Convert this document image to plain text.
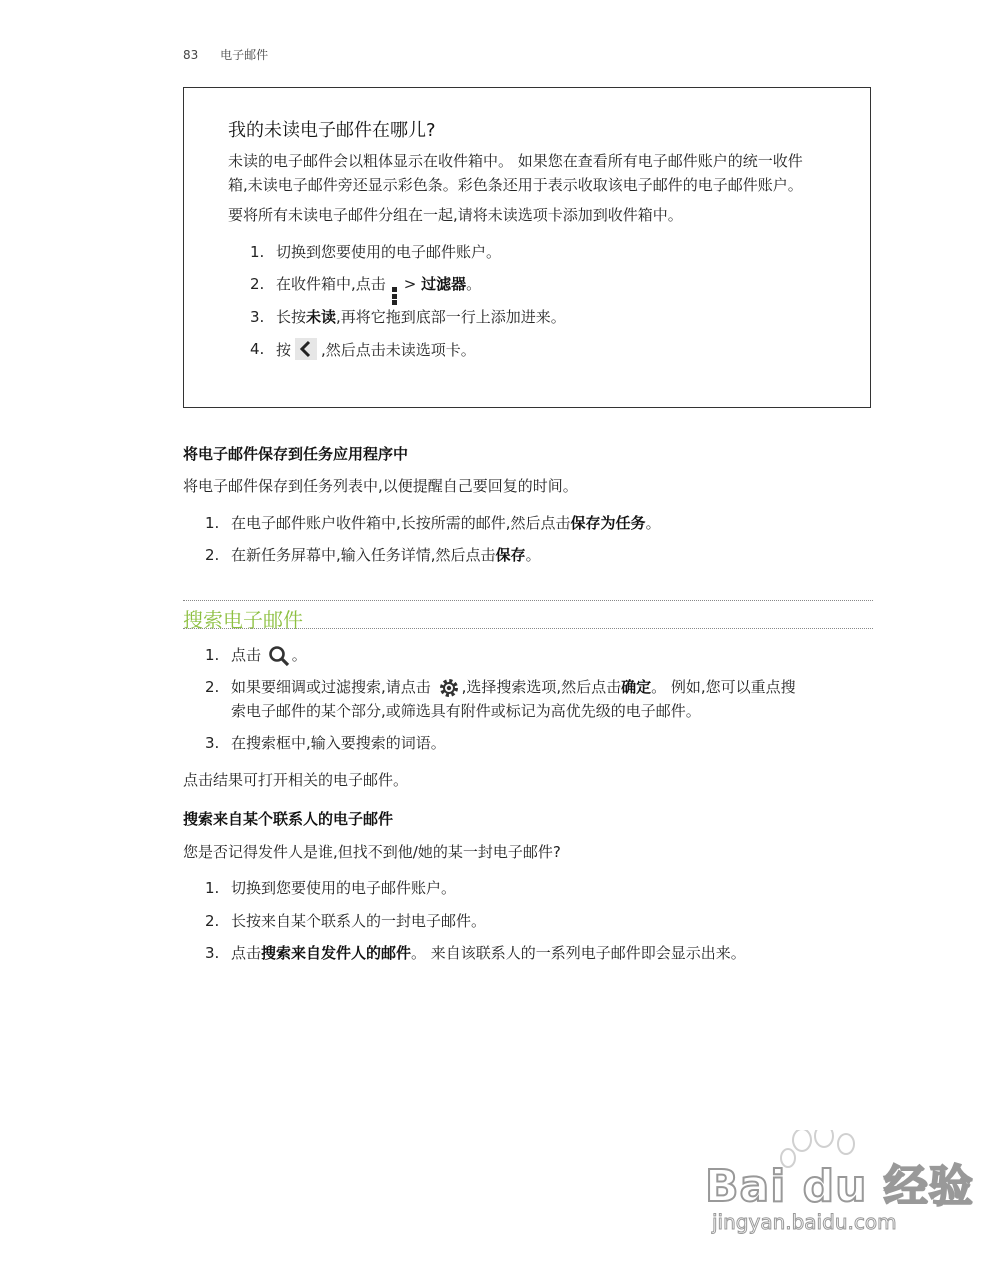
83 电子邮件
我的未读电子邮件在哪儿?
未读的电子邮件会以粗体显示在收件箱中。 如果您在查看所有电子邮件账户的统一收件
箱,未读电子邮件旁还显示彩色条。彩色条还用于表示收取该电子邮件的电子邮件账户。
要将所有未读电子邮件分组在一起,请将未读选项卡添加到收件箱中。
1. 切换到您要使用的电子邮件账户。
2. 在收件箱中,点击 > 过滤器。
3. 长按未读,再将它拖到底部一行上添加进来。
4. 按 ,然后点击未读选项卡。
将电子邮件保存到任务应用程序中
将电子邮件保存到任务列表中,以便提醒自己要回复的时间。
1. 在电子邮件账户收件箱中,长按所需的邮件,然后点击保存为任务。
2. 在新任务屏幕中,输入任务详情,然后点击保存。
搜索电子邮件
1. 点击 。
2. 如果要细调或过滤搜索,请点击 ,选择搜索选项,然后点击确定。 例如,您可以重点搜
索电子邮件的某个部分,或筛选具有附件或标记为高优先级的电子邮件。
3. 在搜索框中,输入要搜索的词语。
点击结果可打开相关的电子邮件。
搜索来自某个联系人的电子邮件
您是否记得发件人是谁,但找不到他/她的某一封电子邮件?
1. 切换到您要使用的电子邮件账户。
2. 长按来自某个联系人的一封电子邮件。
3. 点击搜索来自发件人的邮件。 来自该联系人的一系列电子邮件即会显示出来。
Bai du 经验
jingyan.baidu.com
